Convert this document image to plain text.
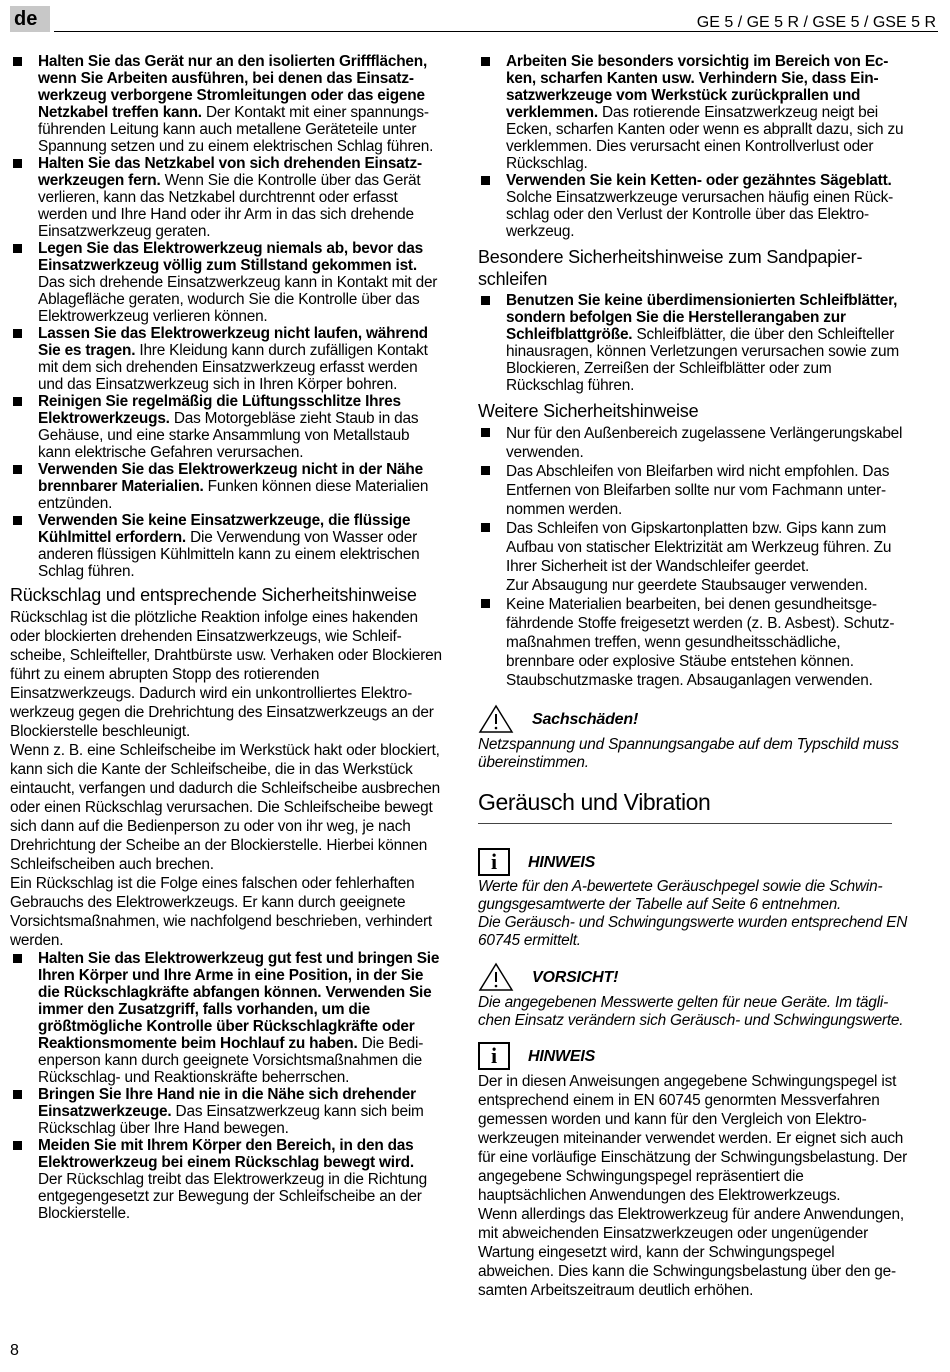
de	GE 5 / GE 5 R / GSE 5 / GSE 5 R

Halten Sie das Gerät nur an den isolierten Griffflächen, wenn Sie Arbeiten ausführen, bei denen das Einsatzwerkzeug verborgene Stromleitungen oder das eigene Netzkabel treffen kann. Der Kontakt mit einer spannungsführenden Leitung kann auch metallene Geräteteile unter Spannung setzen und zu einem elektrischen Schlag führen.

Halten Sie das Netzkabel von sich drehenden Einsatzwerkzeugen fern. Wenn Sie die Kontrolle über das Gerät verlieren, kann das Netzkabel durchtrennt oder erfasst werden und Ihre Hand oder ihr Arm in das sich drehende Einsatzwerkzeug geraten.

Legen Sie das Elektrowerkzeug niemals ab, bevor das Einsatzwerkzeug völlig zum Stillstand gekommen ist. Das sich drehende Einsatzwerkzeug kann in Kontakt mit der Ablagefläche geraten, wodurch Sie die Kontrolle über das Elektrowerkzeug verlieren können.

Lassen Sie das Elektrowerkzeug nicht laufen, während Sie es tragen. Ihre Kleidung kann durch zufälligen Kontakt mit dem sich drehenden Einsatzwerkzeug erfasst werden und das Einsatzwerkzeug sich in Ihren Körper bohren.

Reinigen Sie regelmäßig die Lüftungsschlitze Ihres Elektrowerkzeugs. Das Motorgebläse zieht Staub in das Gehäuse, und eine starke Ansammlung von Metallstaub kann elektrische Gefahren verursachen.

Verwenden Sie das Elektrowerkzeug nicht in der Nähe brennbarer Materialien. Funken können diese Materialien entzünden.

Verwenden Sie keine Einsatzwerkzeuge, die flüssige Kühlmittel erfordern. Die Verwendung von Wasser oder anderen flüssigen Kühlmitteln kann zu einem elektrischen Schlag führen.

Rückschlag und entsprechende Sicherheitshinweise

Rückschlag ist die plötzliche Reaktion infolge eines hakenden oder blockierten drehenden Einsatzwerkzeugs, wie Schleifscheibe, Schleifteller, Drahtbürste usw. Verhaken oder Blockieren führt zu einem abrupten Stopp des rotierenden Einsatzwerkzeugs. Dadurch wird ein unkontrolliertes Elektrowerkzeug gegen die Drehrichtung des Einsatzwerkzeugs an der Blockierstelle beschleunigt.

Wenn z. B. eine Schleifscheibe im Werkstück hakt oder blockiert, kann sich die Kante der Schleifscheibe, die in das Werkstück eintaucht, verfangen und dadurch die Schleifscheibe ausbrechen oder einen Rückschlag verursachen. Die Schleifscheibe bewegt sich dann auf die Bedienperson zu oder von ihr weg, je nach Drehrichtung der Scheibe an der Blockierstelle. Hierbei können Schleifscheiben auch brechen.

Ein Rückschlag ist die Folge eines falschen oder fehlerhaften Gebrauchs des Elektrowerkzeugs. Er kann durch geeignete Vorsichtsmaßnahmen, wie nachfolgend beschrieben, verhindert werden.

Halten Sie das Elektrowerkzeug gut fest und bringen Sie Ihren Körper und Ihre Arme in eine Position, in der Sie die Rückschlagkräfte abfangen können. Verwenden Sie immer den Zusatzgriff, falls vorhanden, um die größtmögliche Kontrolle über Rückschlagkräfte oder Reaktionsmomente beim Hochlauf zu haben. Die Bedienperson kann durch geeignete Vorsichtsmaßnahmen die Rückschlag- und Reaktionskräfte beherrschen.

Bringen Sie Ihre Hand nie in die Nähe sich drehender Einsatzwerkzeuge. Das Einsatzwerkzeug kann sich beim Rückschlag über Ihre Hand bewegen.

Meiden Sie mit Ihrem Körper den Bereich, in den das Elektrowerkzeug bei einem Rückschlag bewegt wird. Der Rückschlag treibt das Elektrowerkzeug in die Richtung entgegengesetzt zur Bewegung der Schleifscheibe an der Blockierstelle.

Arbeiten Sie besonders vorsichtig im Bereich von Ecken, scharfen Kanten usw. Verhindern Sie, dass Einsatzwerkzeuge vom Werkstück zurückprallen und verklemmen. Das rotierende Einsatzwerkzeug neigt bei Ecken, scharfen Kanten oder wenn es abprallt dazu, sich zu verklemmen. Dies verursacht einen Kontrollverlust oder Rückschlag.

Verwenden Sie kein Ketten- oder gezähntes Sägeblatt. Solche Einsatzwerkzeuge verursachen häufig einen Rückschlag oder den Verlust der Kontrolle über das Elektrowerkzeug.

Besondere Sicherheitshinweise zum Sandpapierschleifen

Benutzen Sie keine überdimensionierten Schleifblätter, sondern befolgen Sie die Herstellerangaben zur Schleifblattgröße. Schleifblätter, die über den Schleifteller hinausragen, können Verletzungen verursachen sowie zum Blockieren, Zerreißen der Schleifblätter oder zum Rückschlag führen.

Weitere Sicherheitshinweise

Nur für den Außenbereich zugelassene Verlängerungskabel verwenden.

Das Abschleifen von Bleifarben wird nicht empfohlen. Das Entfernen von Bleifarben sollte nur vom Fachmann unternommen werden.

Das Schleifen von Gipskartonplatten bzw. Gips kann zum Aufbau von statischer Elektrizität am Werkzeug führen. Zu Ihrer Sicherheit ist der Wandschleifer geerdet.
Zur Absaugung nur geerdete Staubsauger verwenden.

Keine Materialien bearbeiten, bei denen gesundheitsgefährdende Stoffe freigesetzt werden (z. B. Asbest). Schutzmaßnahmen treffen, wenn gesundheitsschädliche, brennbare oder explosive Stäube entstehen können. Staubschutzmaske tragen. Absauganlagen verwenden.

Sachschäden!

Netzspannung und Spannungsangabe auf dem Typschild muss übereinstimmen.

Geräusch und Vibration
i	HINWEIS

Werte für den A-bewertete Geräuschpegel sowie die Schwingungsgesamtwerte der Tabelle auf Seite 6 entnehmen.
Die Geräusch- und Schwingungswerte wurden entsprechend EN 60745 ermittelt.

VORSICHT!

Die angegebenen Messwerte gelten für neue Geräte. Im täglichen Einsatz verändern sich Geräusch- und Schwingungswerte.

i	HINWEIS

Der in diesen Anweisungen angegebene Schwingungspegel ist entsprechend einem in EN 60745 genormten Messverfahren gemessen worden und kann für den Vergleich von Elektrowerkzeugen miteinander verwendet werden. Er eignet sich auch für eine vorläufige Einschätzung der Schwingungsbelastung. Der angegebene Schwingungspegel repräsentiert die hauptsächlichen Anwendungen des Elektrowerkzeugs.
Wenn allerdings das Elektrowerkzeug für andere Anwendungen, mit abweichenden Einsatzwerkzeugen oder ungenügender Wartung eingesetzt wird, kann der Schwingungspegel abweichen. Dies kann die Schwingungsbelastung über den gesamten Arbeitszeitraum deutlich erhöhen.

8
